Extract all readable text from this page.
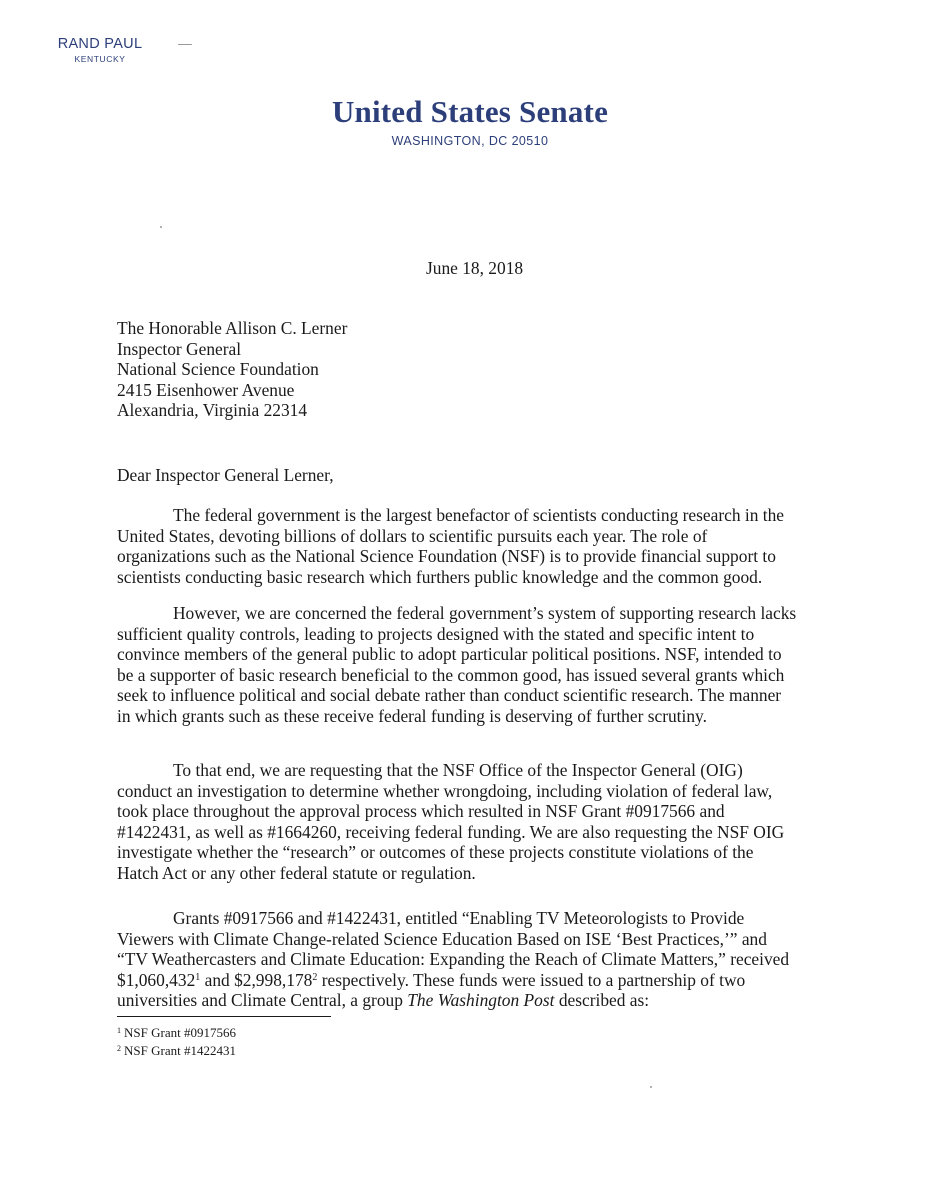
RAND PAUL
KENTUCKY
United States Senate
WASHINGTON, DC 20510
June 18, 2018
The Honorable Allison C. Lerner
Inspector General
National Science Foundation
2415 Eisenhower Avenue
Alexandria, Virginia 22314
Dear Inspector General Lerner,
The federal government is the largest benefactor of scientists conducting research in the
United States, devoting billions of dollars to scientific pursuits each year. The role of
organizations such as the National Science Foundation (NSF) is to provide financial support to
scientists conducting basic research which furthers public knowledge and the common good.
However, we are concerned the federal government’s system of supporting research lacks
sufficient quality controls, leading to projects designed with the stated and specific intent to
convince members of the general public to adopt particular political positions. NSF, intended to
be a supporter of basic research beneficial to the common good, has issued several grants which
seek to influence political and social debate rather than conduct scientific research. The manner
in which grants such as these receive federal funding is deserving of further scrutiny.
To that end, we are requesting that the NSF Office of the Inspector General (OIG)
conduct an investigation to determine whether wrongdoing, including violation of federal law,
took place throughout the approval process which resulted in NSF Grant #0917566 and
#1422431, as well as #1664260, receiving federal funding. We are also requesting the NSF OIG
investigate whether the “research” or outcomes of these projects constitute violations of the
Hatch Act or any other federal statute or regulation.
Grants #0917566 and #1422431, entitled “Enabling TV Meteorologists to Provide
Viewers with Climate Change-related Science Education Based on ISE ‘Best Practices,’” and
“TV Weathercasters and Climate Education: Expanding the Reach of Climate Matters,” received
$1,060,432$^1$ and $2,998,178$^2$ respectively. These funds were issued to a partnership of two
universities and Climate Central, a group The Washington Post described as:
$^1$ NSF Grant #0917566
$^2$ NSF Grant #1422431
